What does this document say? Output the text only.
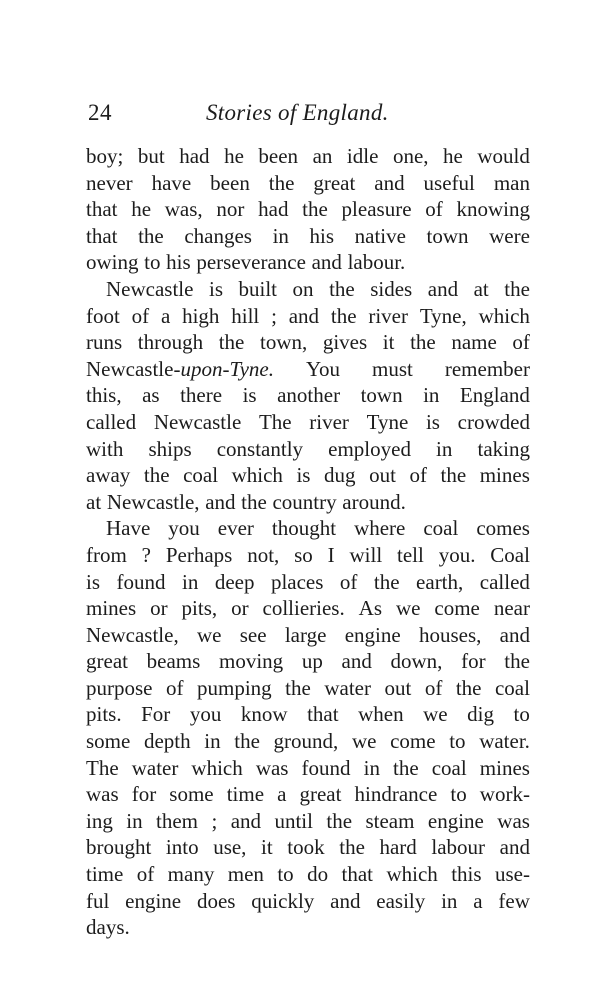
24	Stories of England.
boy; but had he been an idle one, he would
never have been the great and useful man
that he was, nor had the pleasure of knowing
that the changes in his native town were
owing to his perseverance and labour.
Newcastle is built on the sides and at the
foot of a high hill ; and the river Tyne, which
runs through the town, gives it the name of
Newcastle-upon-Tyne. You must remember
this, as there is another town in England
called Newcastle The river Tyne is crowded
with ships constantly employed in taking
away the coal which is dug out of the mines
at Newcastle, and the country around.
Have you ever thought where coal comes
from ? Perhaps not, so I will tell you. Coal
is found in deep places of the earth, called
mines or pits, or collieries. As we come near
Newcastle, we see large engine houses, and
great beams moving up and down, for the
purpose of pumping the water out of the coal
pits. For you know that when we dig to
some depth in the ground, we come to water.
The water which was found in the coal mines
was for some time a great hindrance to work-
ing in them ; and until the steam engine was
brought into use, it took the hard labour and
time of many men to do that which this use-
ful engine does quickly and easily in a few
days.
